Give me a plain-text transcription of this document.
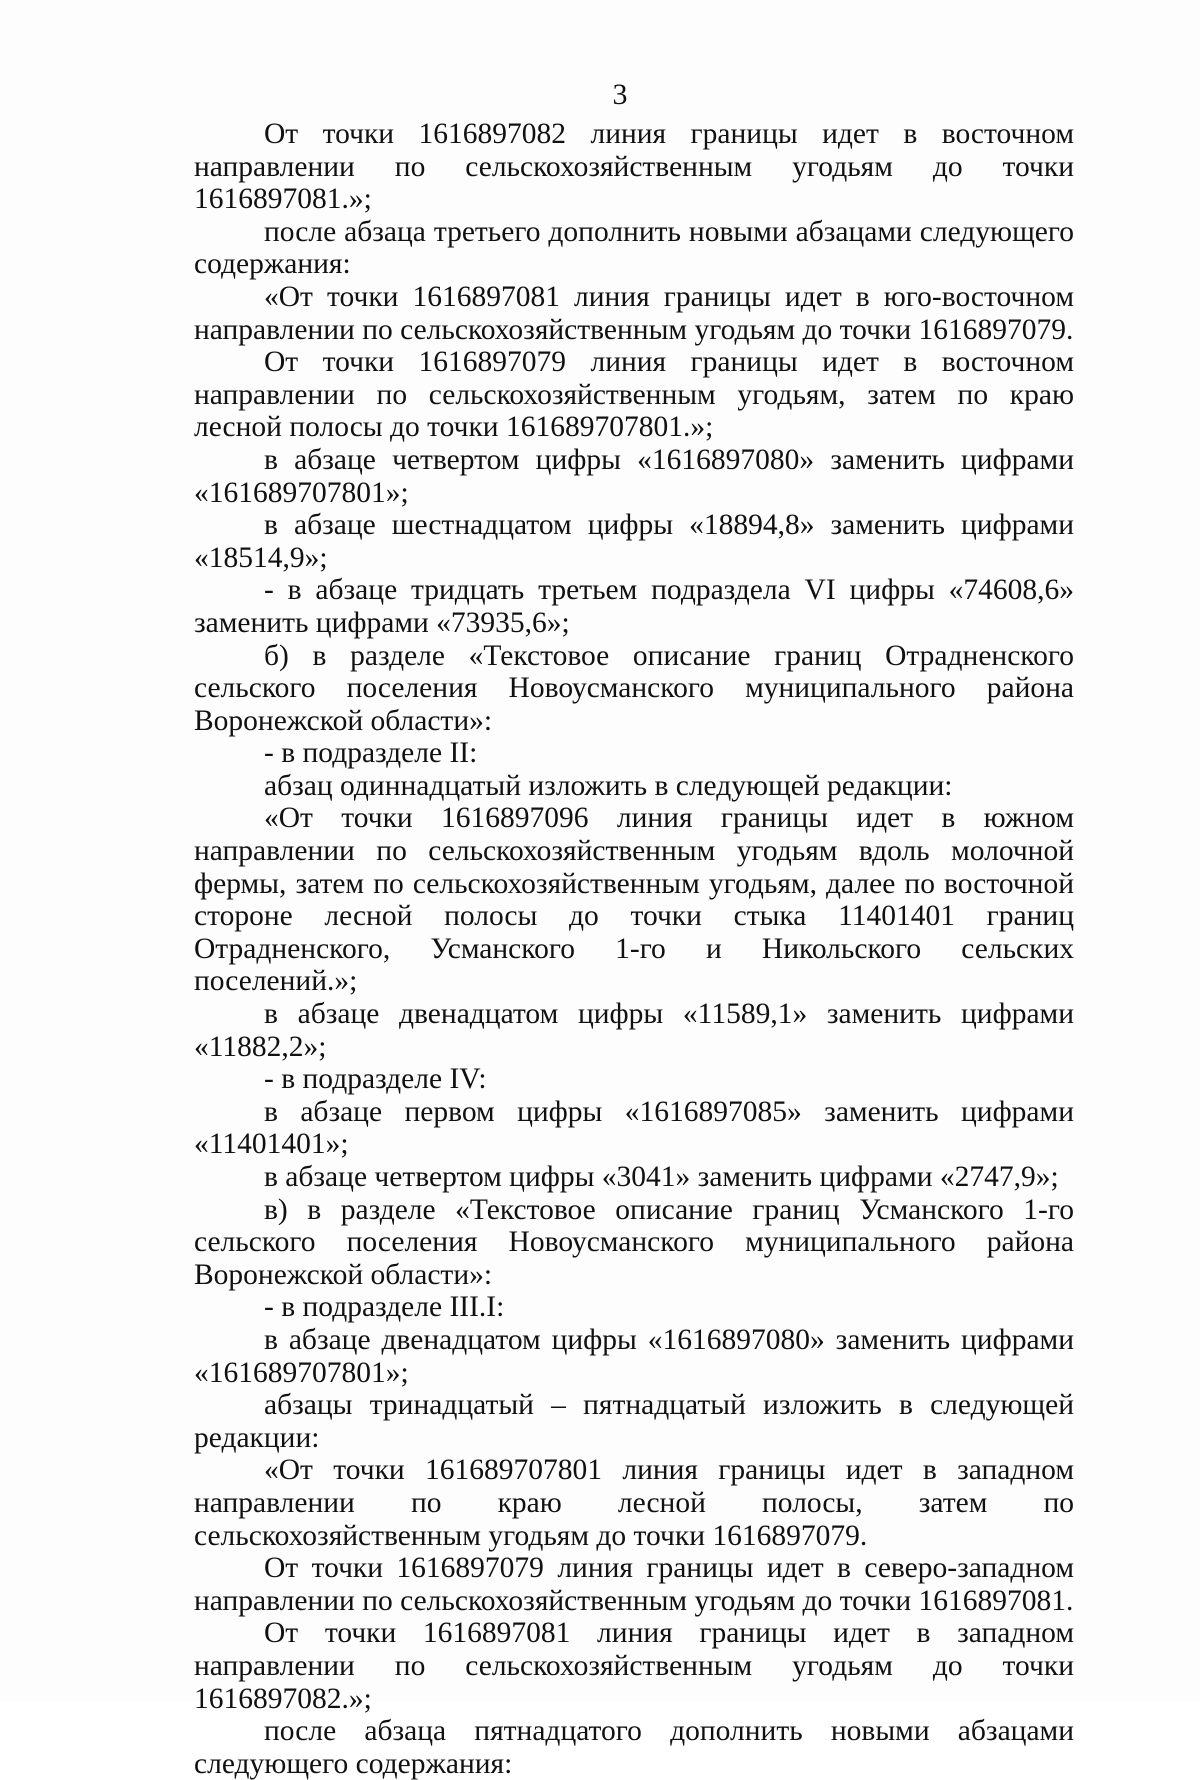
3

От точки 1616897082 линия границы идет в восточном направлении по сельскохозяйственным угодьям до точки 1616897081.»;

после абзаца третьего дополнить новыми абзацами следующего содержания:

«От точки 1616897081 линия границы идет в юго-восточном направлении по сельскохозяйственным угодьям до точки 1616897079.

От точки 1616897079 линия границы идет в восточном направлении по сельскохозяйственным угодьям, затем по краю лесной полосы до точки 161689707801.»;

в абзаце четвертом цифры «1616897080» заменить цифрами «161689707801»;

в абзаце шестнадцатом цифры «18894,8» заменить цифрами «18514,9»;

- в абзаце тридцать третьем подраздела VI цифры «74608,6» заменить цифрами «73935,6»;

б) в разделе «Текстовое описание границ Отрадненского сельского поселения Новоусманского муниципального района Воронежской области»:

- в подразделе II:

абзац одиннадцатый изложить в следующей редакции:

«От точки 1616897096 линия границы идет в южном направлении по сельскохозяйственным угодьям вдоль молочной фермы, затем по сельскохозяйственным угодьям, далее по восточной стороне лесной полосы до точки стыка 11401401 границ Отрадненского, Усманского 1-го и Никольского сельских поселений.»;

в абзаце двенадцатом цифры «11589,1» заменить цифрами «11882,2»;

- в подразделе IV:

в абзаце первом цифры «1616897085» заменить цифрами «11401401»;

в абзаце четвертом цифры «3041» заменить цифрами «2747,9»;

в) в разделе «Текстовое описание границ Усманского 1-го сельского поселения Новоусманского муниципального района Воронежской области»:

- в подразделе III.I:

в абзаце двенадцатом цифры «1616897080» заменить цифрами «161689707801»;

абзацы тринадцатый – пятнадцатый изложить в следующей редакции:

«От точки 161689707801 линия границы идет в западном направлении по краю лесной полосы, затем по сельскохозяйственным угодьям до точки 1616897079.

От точки 1616897079 линия границы идет в северо-западном направлении по сельскохозяйственным угодьям до точки 1616897081.

От точки 1616897081 линия границы идет в западном направлении по сельскохозяйственным угодьям до точки 1616897082.»;

после абзаца пятнадцатого дополнить новыми абзацами следующего содержания:
